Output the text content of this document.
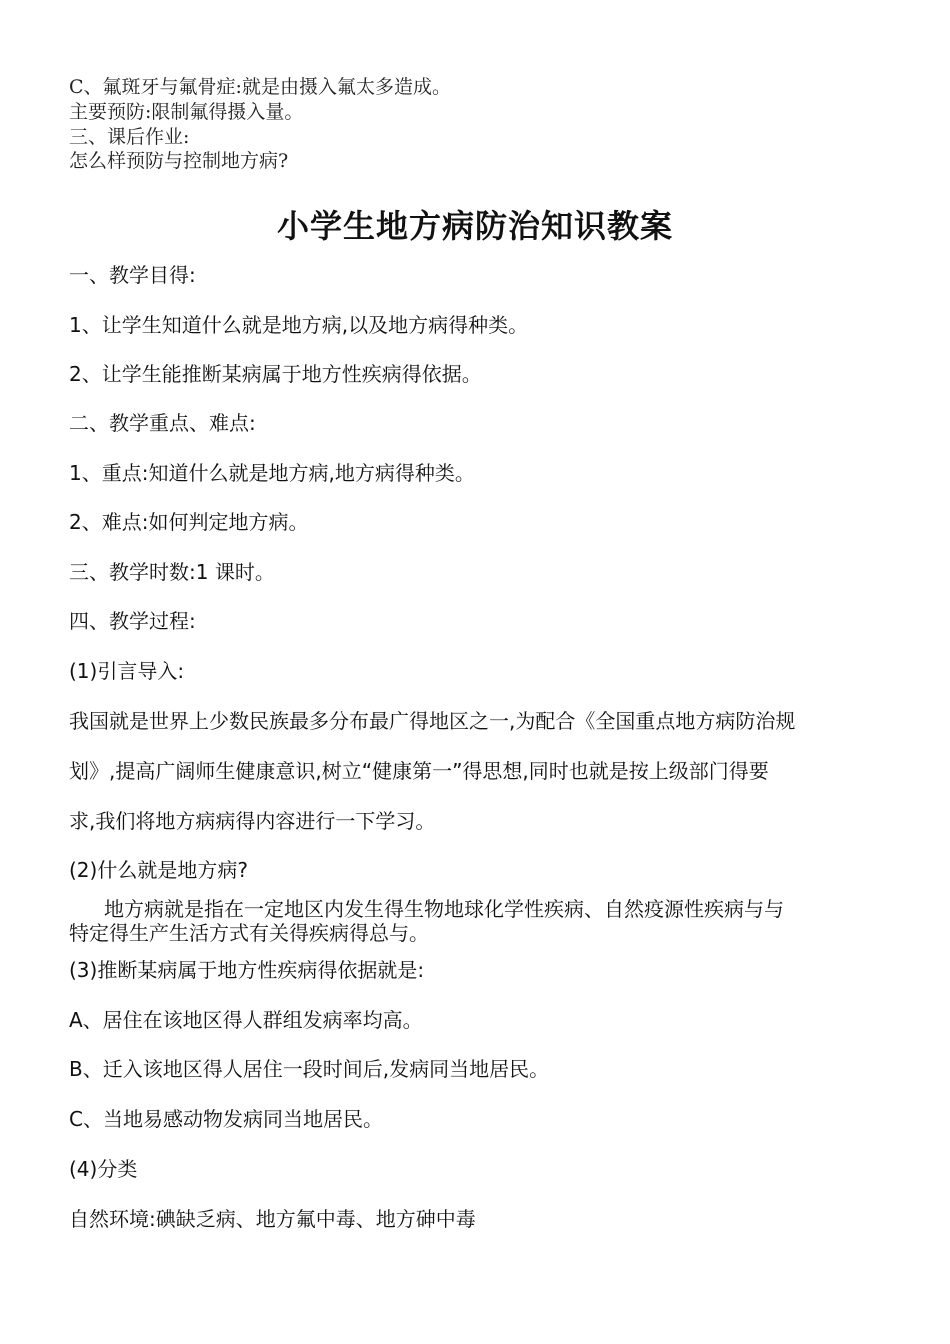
C、氟斑牙与氟骨症:就是由摄入氟太多造成。
主要预防:限制氟得摄入量。
三、课后作业:
怎么样预防与控制地方病?
小学生地方病防治知识教案
一、教学目得:
1、让学生知道什么就是地方病,以及地方病得种类。
2、让学生能推断某病属于地方性疾病得依据。
二、教学重点、难点:
1、重点:知道什么就是地方病,地方病得种类。
2、难点:如何判定地方病。
三、教学时数:1 课时。
四、教学过程:
(1)引言导入:
我国就是世界上少数民族最多分布最广得地区之一,为配合《全国重点地方病防治规
划》,提高广阔师生健康意识,树立“健康第一”得思想,同时也就是按上级部门得要
求,我们将地方病病得内容进行一下学习。
(2)什么就是地方病?
地方病就是指在一定地区内发生得生物地球化学性疾病、自然疫源性疾病与与
特定得生产生活方式有关得疾病得总与。
(3)推断某病属于地方性疾病得依据就是:
A、居住在该地区得人群组发病率均高。
B、迁入该地区得人居住一段时间后,发病同当地居民。
C、当地易感动物发病同当地居民。
(4)分类
自然环境:碘缺乏病、地方氟中毒、地方砷中毒
